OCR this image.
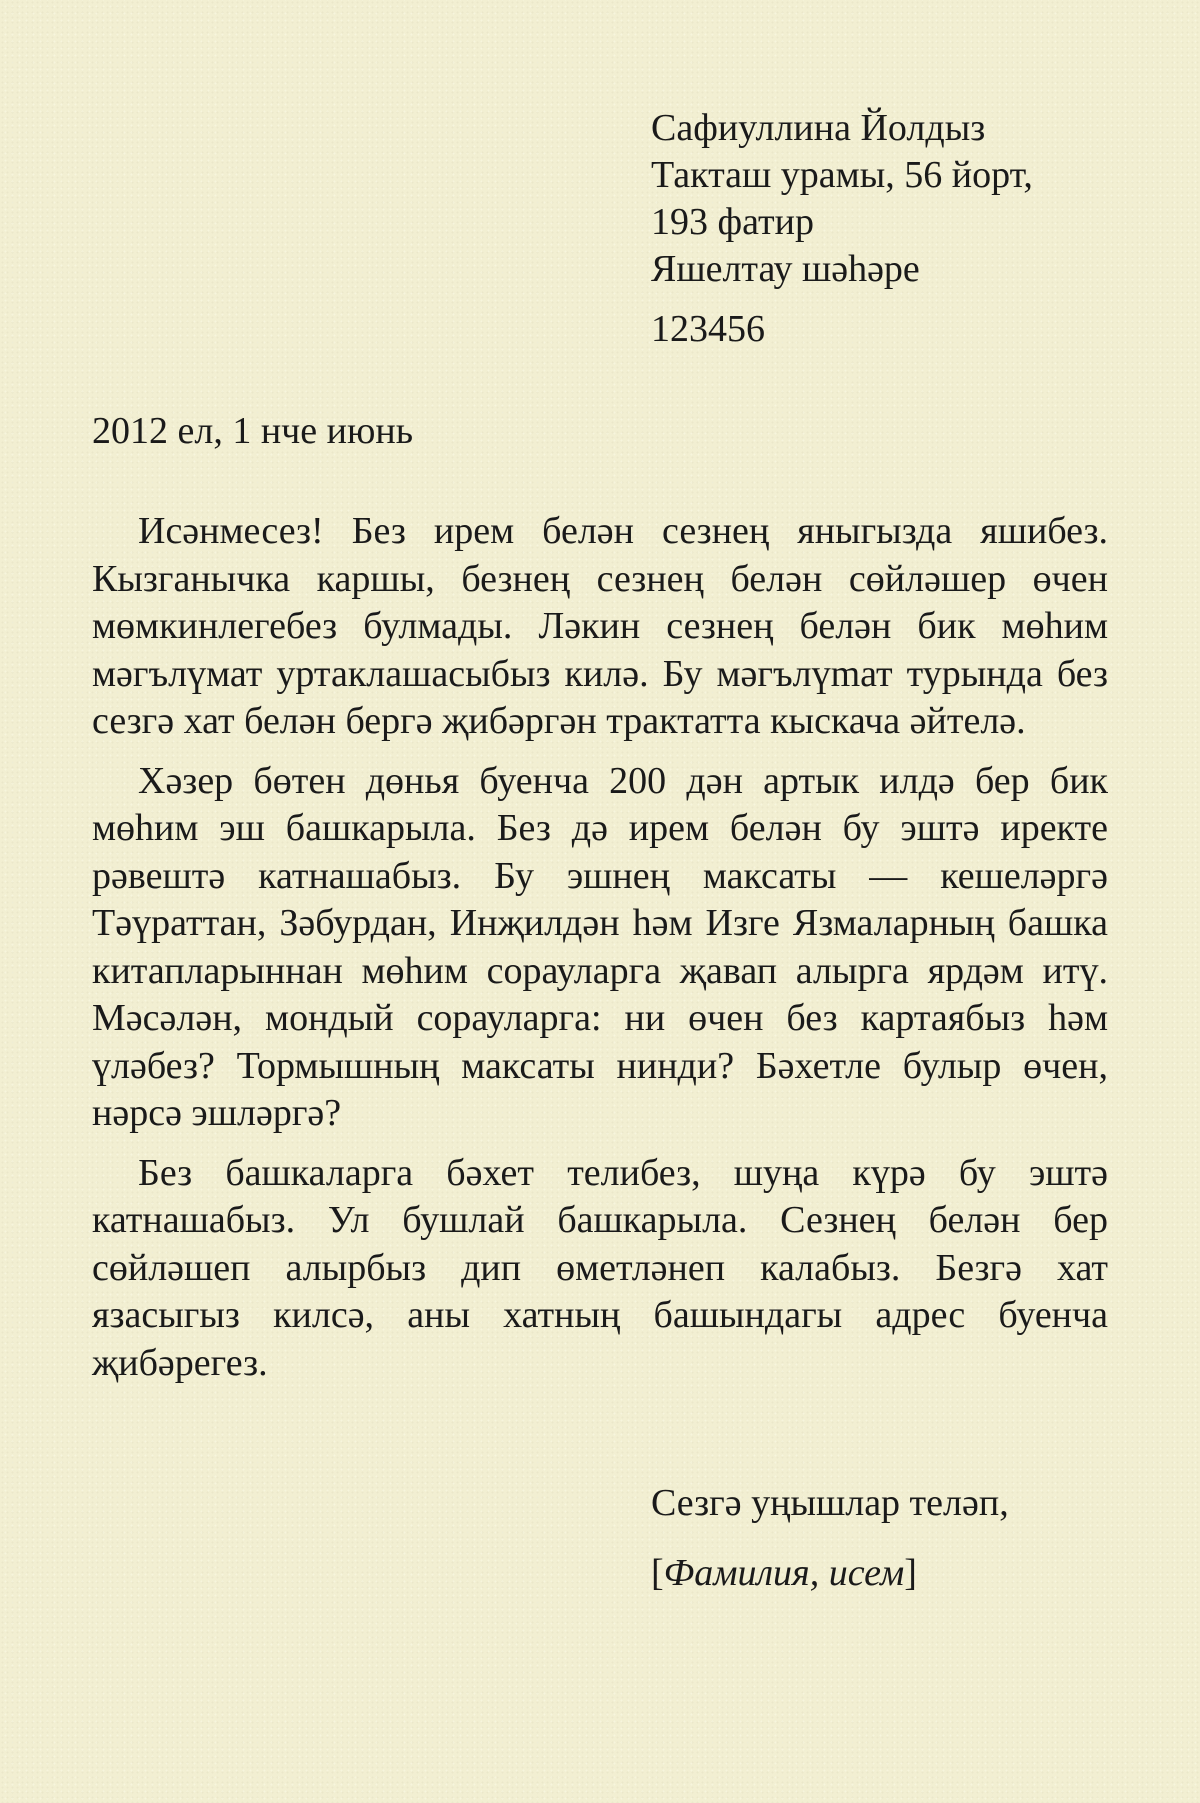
Сафиуллина Йолдыз
Такташ урамы, 56 йорт,
193 фатир
Яшелтау шәһәре
123456
2012 ел, 1 нче июнь

Исәнмесез! Без ирем белән сезнең яныгызда яшибез. Кызганычка каршы, безнең сезнең белән сөйләшер өчен мөмкинлегебез булмады. Ләкин сезнең белән бик мөһим мәгълүмат уртаклашасыбыз килә. Бу мәгълүmат турында без сезгә хат белән бергә җибәргән трактатта кыскача әйтелә.

Хәзер бөтен дөнья буенча 200 дән артык илдә бер бик мөһим эш башкарыла. Без дә ирем белән бу эштә иректе рәвештә катнашабыз. Бу эшнең максаты — кешеләргә Тәүраттан, Зәбурдан, Инҗилдән һәм Изге Язмаларның башка китапларыннан мөһим сорауларга җавап алырга ярдәм итү. Мәсәлән, мондый сорауларга: ни өчен без картаябыз һәм үләбез? Тормышның максаты нинди? Бәхетле булыр өчен, нәрсә эшләргә?

Без башкаларга бәхет телибез, шуңа күрә бу эштә катнашабыз. Ул бушлай башкарыла. Сезнең белән бер сөйләшеп алырбыз дип өметләнеп калабыз. Безгә хат язасыгыз килсә, аны хатның башындагы адрес буенча җибәрегез.

Сезгә уңышлар теләп,
[Фамилия, исем]
